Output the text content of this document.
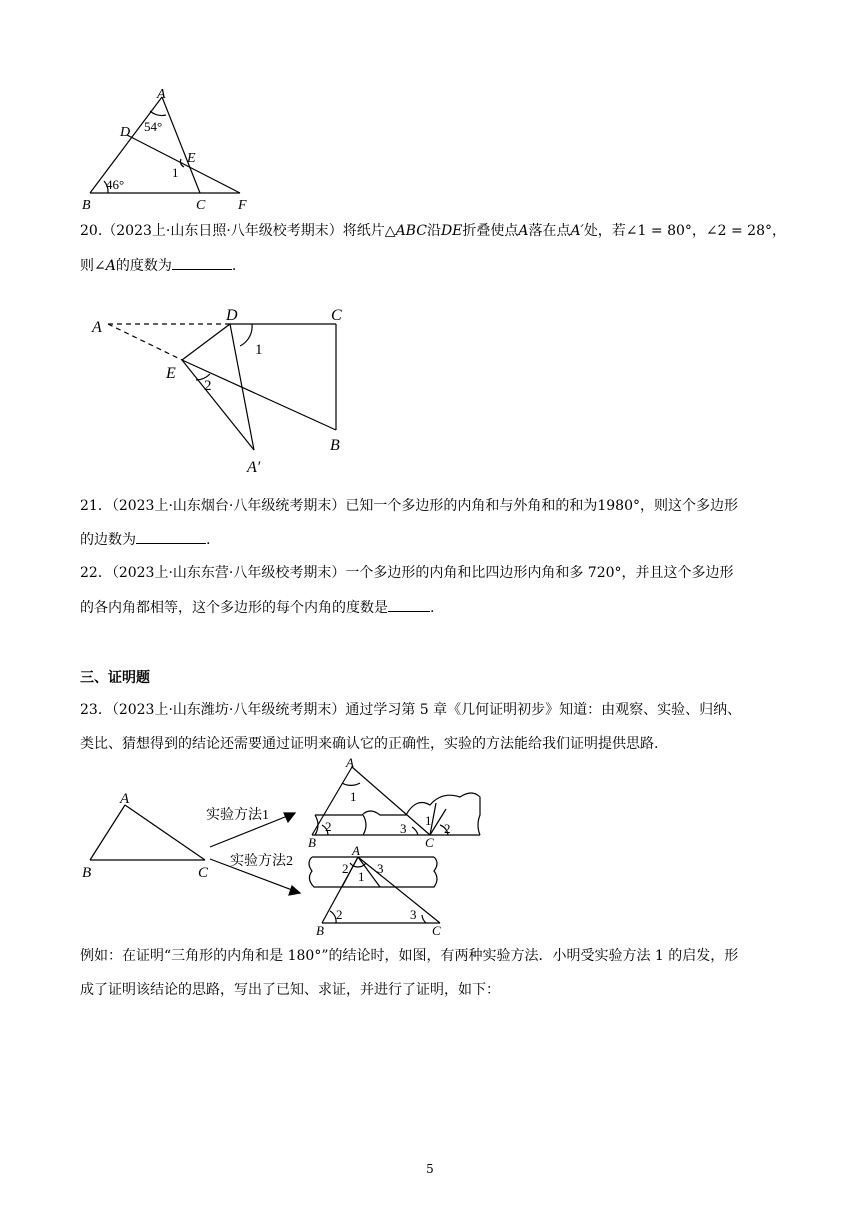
A
D
E
B	C F
1
54°
46°
20.（2023上·山东日照·八年级校考期末）将纸片△ABC沿DE折叠使点A落在点A′处，若∠1 = 80°，∠2 = 28°，
则∠A的度数为	.
A
D	C
E
B
A′
1
2
21．（2023上·山东烟台·八年级统考期末）已知一个多边形的内角和与外角和的和为1980°，则这个多边形
的边数为	.
22．（2023上·山东东营·八年级校考期末）一个多边形的内角和比四边形内角和多 720°，并且这个多边形
的各内角都相等，这个多边形的每个内角的度数是	.
三、证明题
23．（2023上·山东潍坊·八年级统考期末）通过学习第 5 章《几何证明初步》知道：由观察、实验、归纳、
类比、猜想得到的结论还需要通过证明来确认它的正确性，实验的方法能给我们证明提供思路.
A
B	C
实验方法1
实验方法2
A
1
2	3
1
2
B	C
A
2
1
3
2	3
B	C
例如：在证明“三角形的内角和是 180°”的结论时，如图，有两种实验方法．小明受实验方法 1 的启发，形
成了证明该结论的思路，写出了已知、求证，并进行了证明，如下：
5
